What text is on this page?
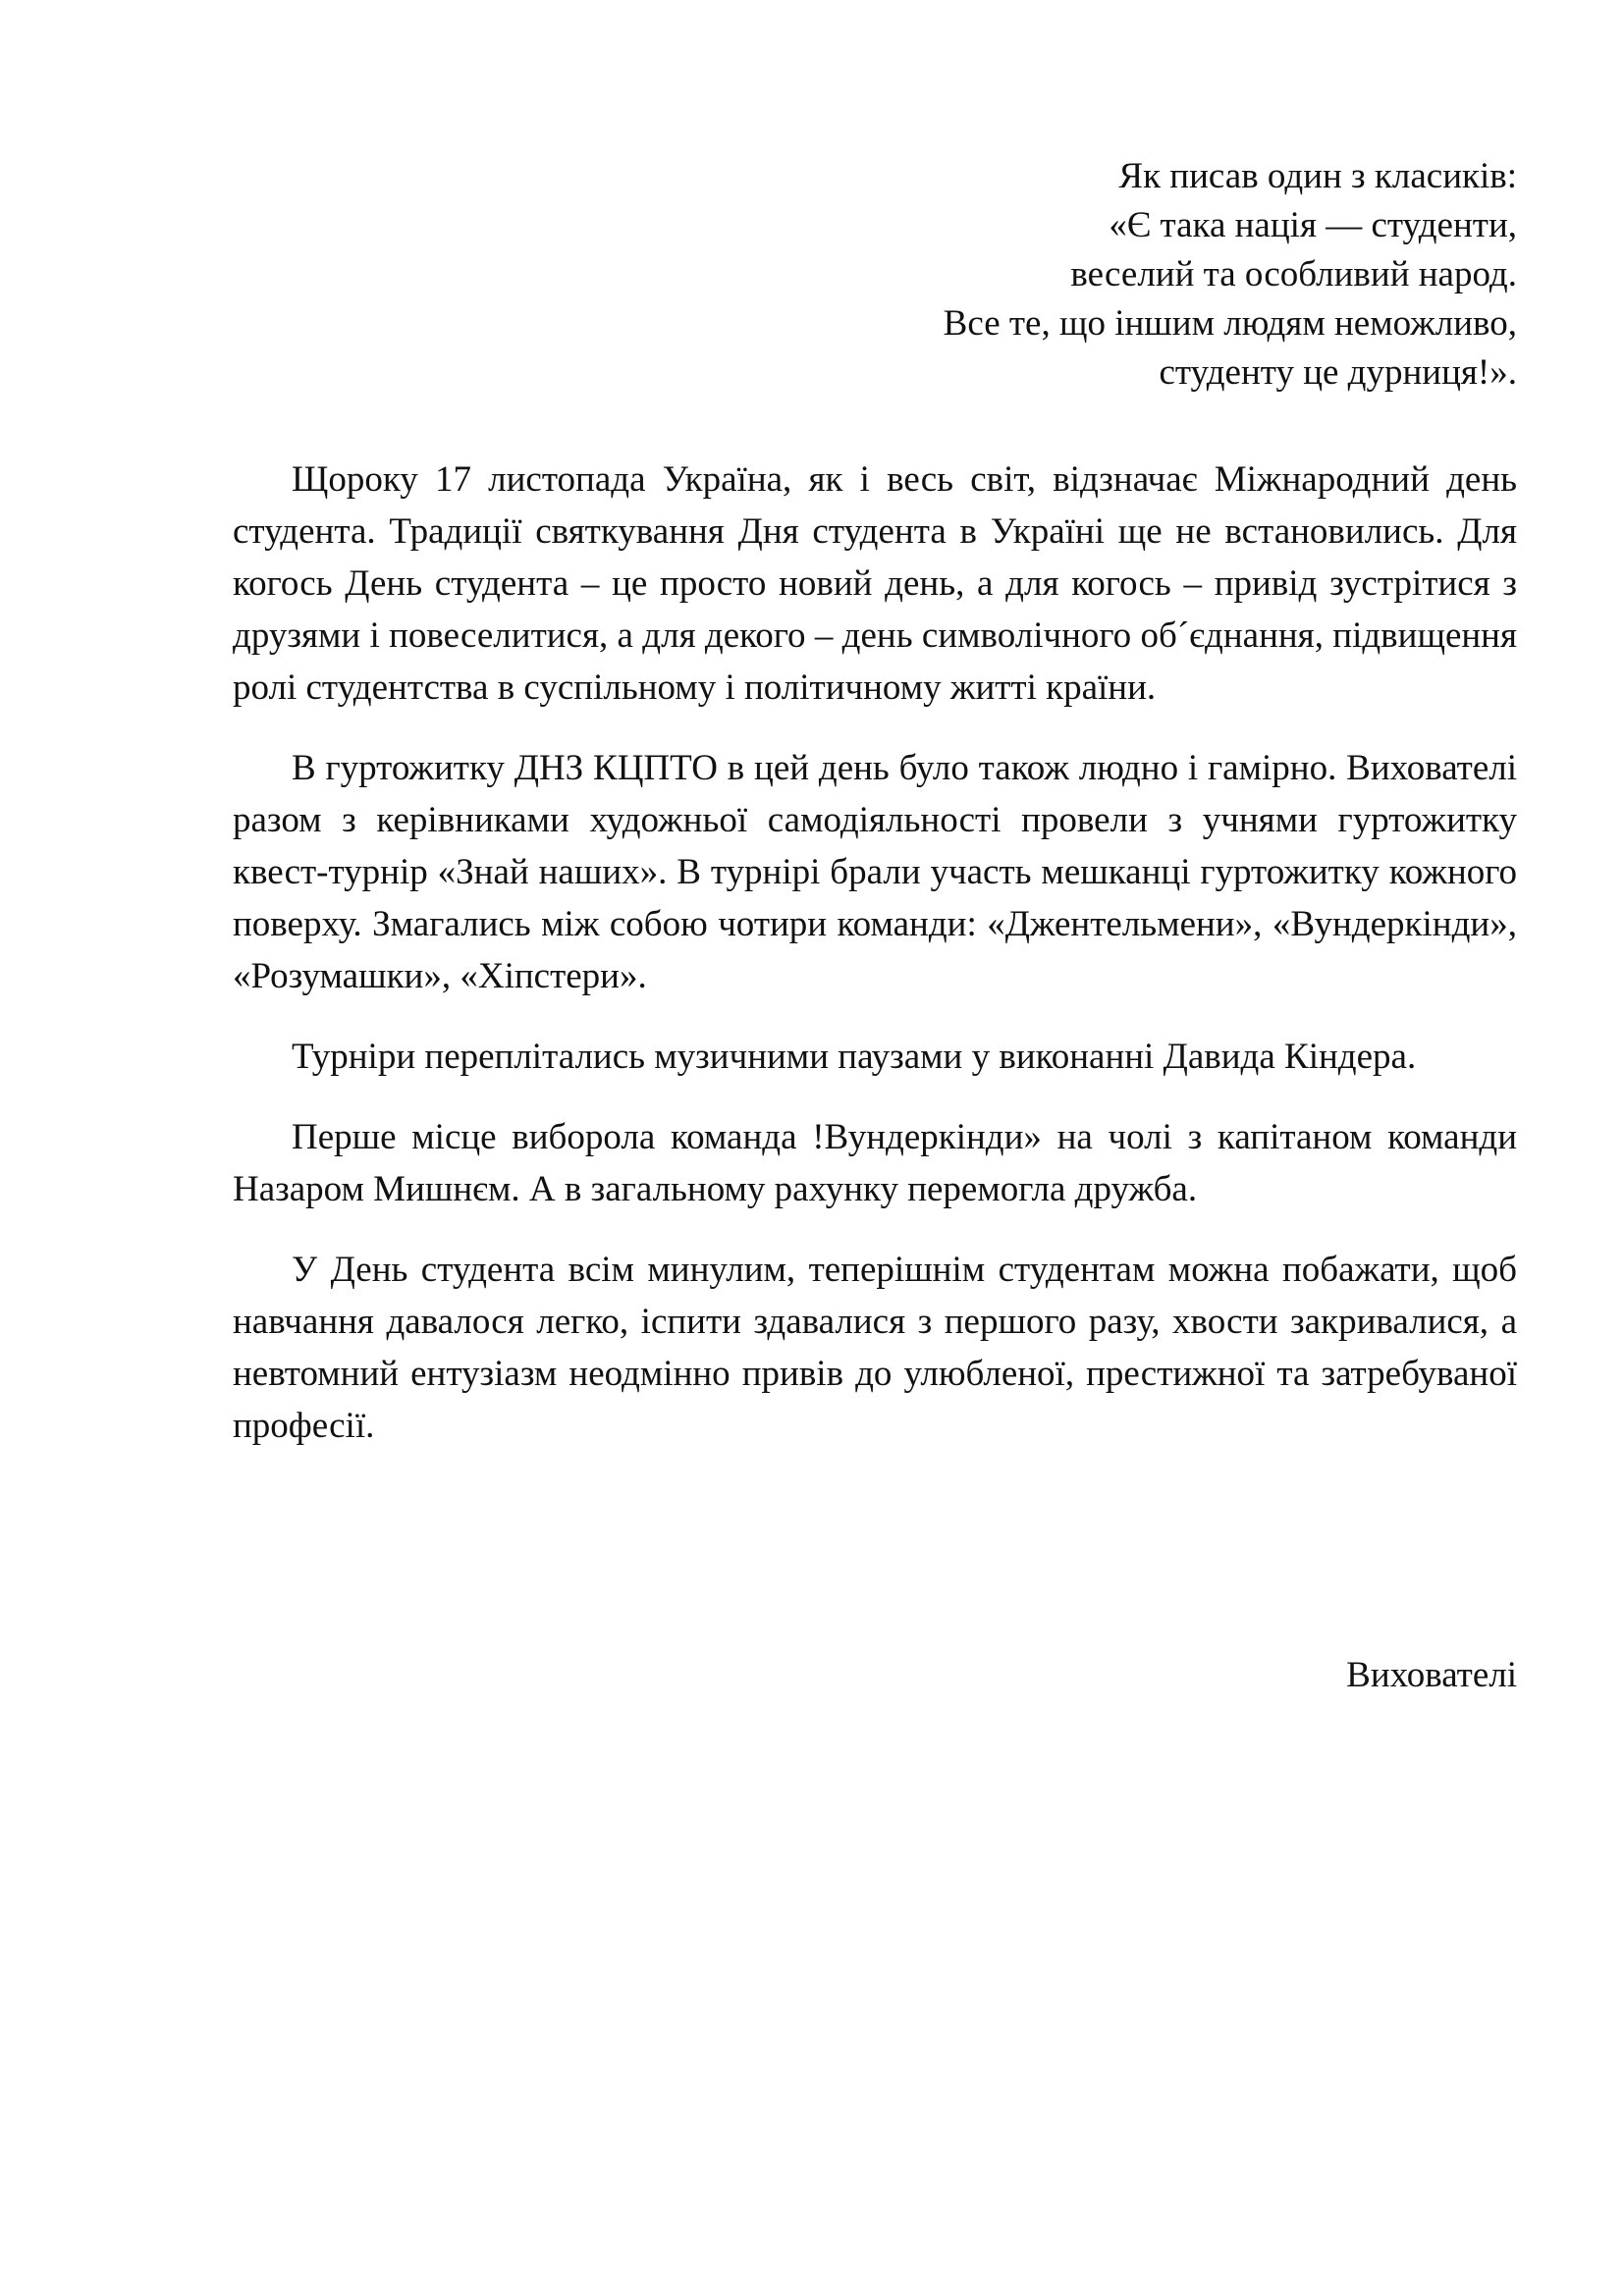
Як писав один з класиків:
«Є така нація — студенти,
веселий та особливий народ.
Все те, що іншим людям неможливо,
студенту це дурниця!».

Щороку 17 листопада Україна, як і весь світ, відзначає Міжнародний день студента. Традиції святкування Дня студента в Україні ще не встановились. Для когось День студента – це просто новий день, а для когось – привід зустрітися з друзями і повеселитися, а для декого – день символічного об´єднання, підвищення ролі студентства в суспільному і політичному житті країни.

В гуртожитку ДНЗ КЦПТО в цей день було також людно і гамірно. Вихователі разом з керівниками художньої самодіяльності провели з учнями гуртожитку квест-турнір «Знай наших». В турнірі брали участь мешканці гуртожитку кожного поверху. Змагались між собою чотири команди: «Джентельмени», «Вундеркінди», «Розумашки», «Хіпстери».

Турніри переплітались музичними паузами у виконанні Давида Кіндера.

Перше місце виборола команда !Вундеркінди» на чолі з капітаном команди Назаром Мишнєм. А в загальному рахунку перемогла дружба.

У День студента всім минулим, теперішнім студентам можна побажати, щоб навчання давалося легко, іспити здавалися з першого разу, хвости закривалися, а невтомний ентузіазм неодмінно привів до улюбленої, престижної та затребуваної професії.

Вихователі
